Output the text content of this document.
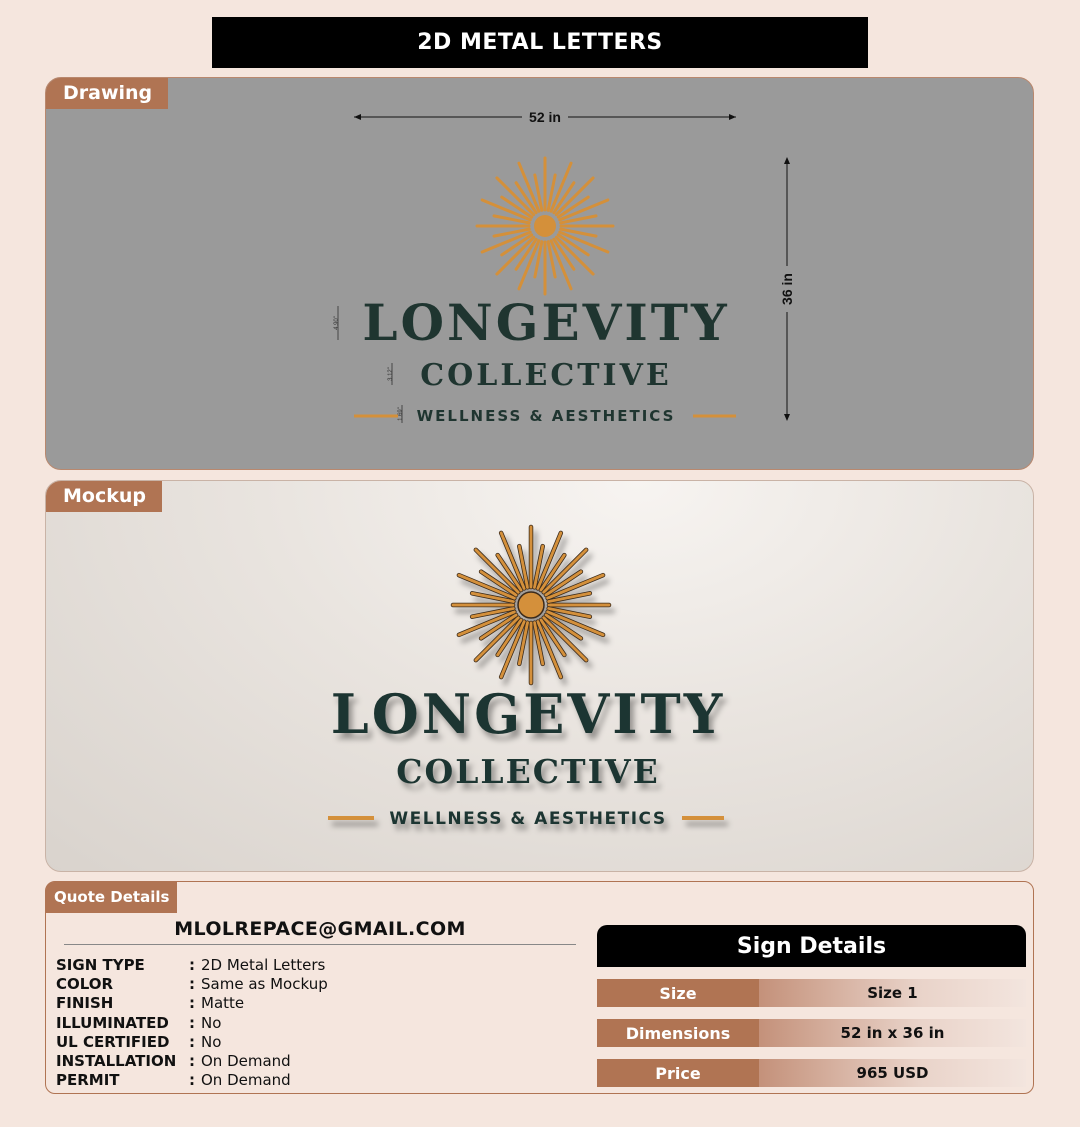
2D METAL LETTERS
Drawing
52 in
36 in
4.90"
3.12"
1.69"
LONGEVITY
COLLECTIVE
WELLNESS & AESTHETICS
Mockup
LONGEVITY
COLLECTIVE
WELLNESS & AESTHETICS
Quote Details
MLOLREPACE@GMAIL.COM
SIGN TYPE	: 2D Metal Letters
COLOR	: Same as Mockup
FINISH	: Matte
ILLUMINATED	: No
UL CERTIFIED	: No
INSTALLATION : On Demand
PERMIT	: On Demand
Sign Details
Size	Size 1
Dimensions	52 in x 36 in
Price	965 USD
